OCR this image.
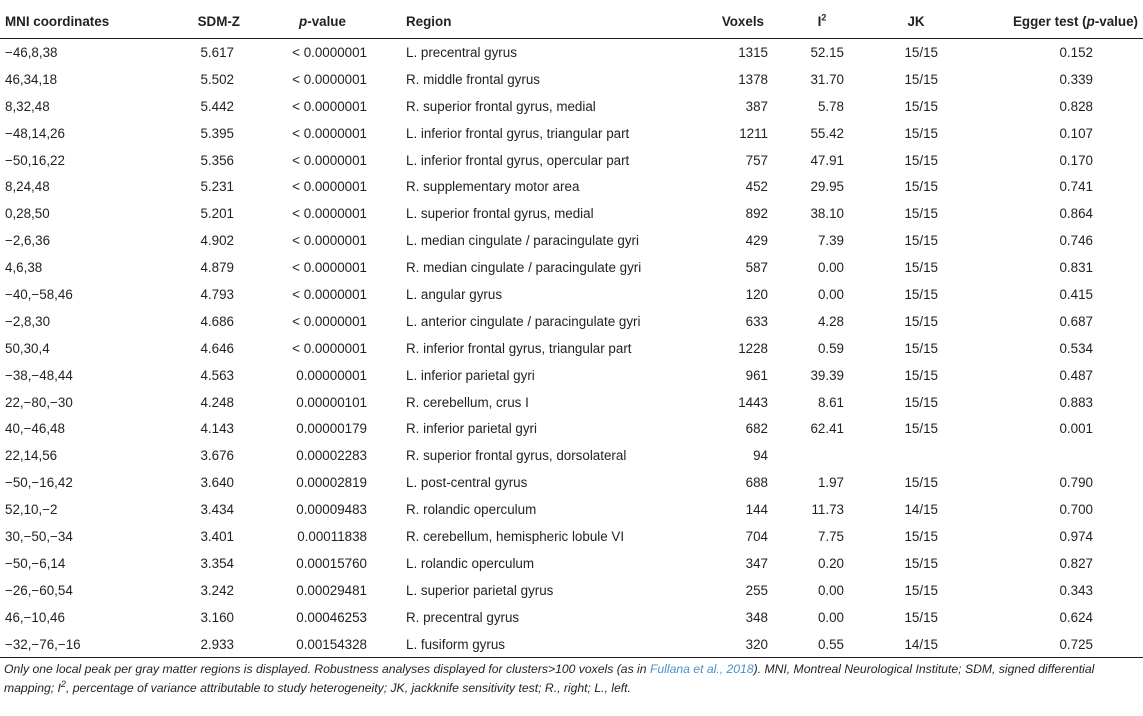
MNI coordinates	SDM-Z	p-value	Region	Voxels	$I^2$	JK	Egger test (p-value)
−46,8,38	5.617	< 0.0000001	L. precentral gyrus	1315	52.15	15/15	0.152
46,34,18	5.502	< 0.0000001	R. middle frontal gyrus	1378	31.70	15/15	0.339
8,32,48	5.442	< 0.0000001	R. superior frontal gyrus, medial	387	5.78	15/15	0.828
−48,14,26	5.395	< 0.0000001	L. inferior frontal gyrus, triangular part	1211	55.42	15/15	0.107
−50,16,22	5.356	< 0.0000001	L. inferior frontal gyrus, opercular part	757	47.91	15/15	0.170
8,24,48	5.231	< 0.0000001	R. supplementary motor area	452	29.95	15/15	0.741
0,28,50	5.201	< 0.0000001	L. superior frontal gyrus, medial	892	38.10	15/15	0.864
−2,6,36	4.902	< 0.0000001	L. median cingulate / paracingulate gyri	429	7.39	15/15	0.746
4,6,38	4.879	< 0.0000001	R. median cingulate / paracingulate gyri	587	0.00	15/15	0.831
−40,−58,46	4.793	< 0.0000001	L. angular gyrus	120	0.00	15/15	0.415
−2,8,30	4.686	< 0.0000001	L. anterior cingulate / paracingulate gyri	633	4.28	15/15	0.687
50,30,4	4.646	< 0.0000001	R. inferior frontal gyrus, triangular part	1228	0.59	15/15	0.534
−38,−48,44	4.563	0.00000001	L. inferior parietal gyri	961	39.39	15/15	0.487
22,−80,−30	4.248	0.00000101	R. cerebellum, crus I	1443	8.61	15/15	0.883
40,−46,48	4.143	0.00000179	R. inferior parietal gyri	682	62.41	15/15	0.001
22,14,56	3.676	0.00002283	R. superior frontal gyrus, dorsolateral	94			
−50,−16,42	3.640	0.00002819	L. post-central gyrus	688	1.97	15/15	0.790
52,10,−2	3.434	0.00009483	R. rolandic operculum	144	11.73	14/15	0.700
30,−50,−34	3.401	0.00011838	R. cerebellum, hemispheric lobule VI	704	7.75	15/15	0.974
−50,−6,14	3.354	0.00015760	L. rolandic operculum	347	0.20	15/15	0.827
−26,−60,54	3.242	0.00029481	L. superior parietal gyrus	255	0.00	15/15	0.343
46,−10,46	3.160	0.00046253	R. precentral gyrus	348	0.00	15/15	0.624
−32,−76,−16	2.933	0.00154328	L. fusiform gyrus	320	0.55	14/15	0.725
Only one local peak per gray matter regions is displayed. Robustness analyses displayed for clusters>100 voxels (as in Fullana et al., 2018). MNI, Montreal Neurological Institute; SDM, signed differential mapping; $I^2$, percentage of variance attributable to study heterogeneity; JK, jackknife sensitivity test; R., right; L., left.
